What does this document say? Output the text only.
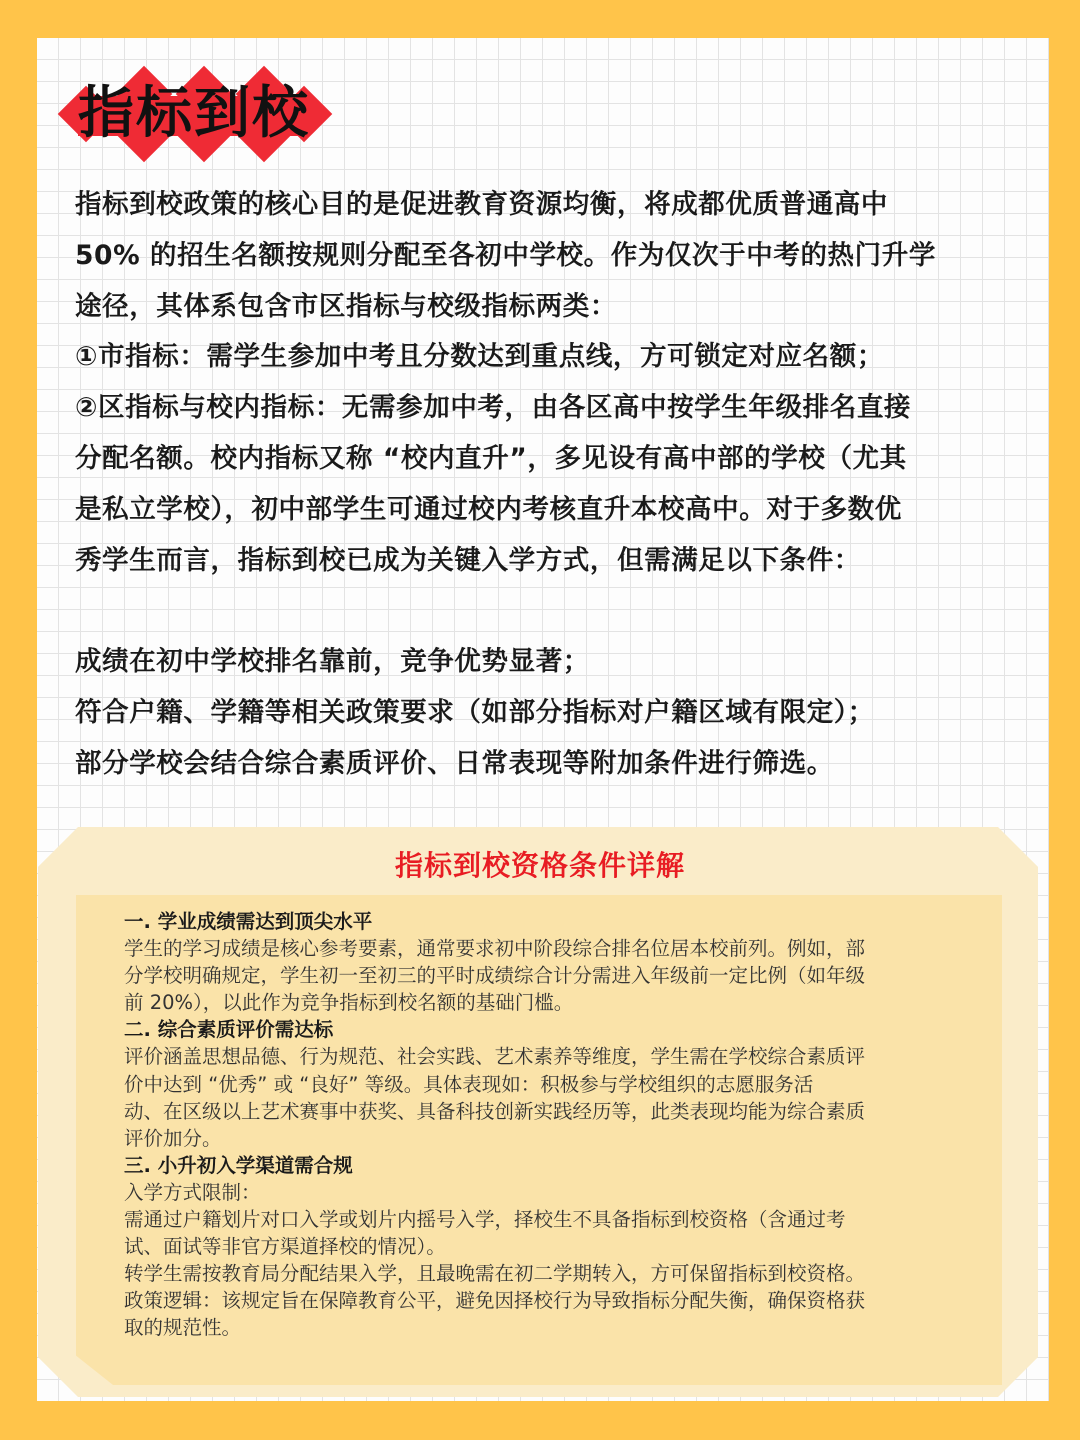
指标到校

指标到校政策的核心目的是促进教育资源均衡，将成都优质普通高中

50% 的招生名额按规则分配至各初中学校。作为仅次于中考的热门升学

途径，其体系包含市区指标与校级指标两类：

①市指标：需学生参加中考且分数达到重点线，方可锁定对应名额；

②区指标与校内指标：无需参加中考，由各区高中按学生年级排名直接

分配名额。校内指标又称 “校内直升”，多见设有高中部的学校（尤其

是私立学校），初中部学生可通过校内考核直升本校高中。对于多数优

秀学生而言，指标到校已成为关键入学方式，但需满足以下条件：

成绩在初中学校排名靠前，竞争优势显著；

符合户籍、学籍等相关政策要求（如部分指标对户籍区域有限定）；

部分学校会结合综合素质评价、日常表现等附加条件进行筛选。

指标到校资格条件详解

一. 学业成绩需达到顶尖水平

学生的学习成绩是核心参考要素，通常要求初中阶段综合排名位居本校前列。例如，部

分学校明确规定，学生初一至初三的平时成绩综合计分需进入年级前一定比例（如年级

前 20%），以此作为竞争指标到校名额的基础门槛。

二. 综合素质评价需达标

评价涵盖思想品德、行为规范、社会实践、艺术素养等维度，学生需在学校综合素质评

价中达到 “优秀” 或 “良好” 等级。具体表现如：积极参与学校组织的志愿服务活

动、在区级以上艺术赛事中获奖、具备科技创新实践经历等，此类表现均能为综合素质

评价加分。

三. 小升初入学渠道需合规

入学方式限制：

需通过户籍划片对口入学或划片内摇号入学，择校生不具备指标到校资格（含通过考

试、面试等非官方渠道择校的情况）。

转学生需按教育局分配结果入学，且最晚需在初二学期转入，方可保留指标到校资格。

政策逻辑：该规定旨在保障教育公平，避免因择校行为导致指标分配失衡，确保资格获

取的规范性。
